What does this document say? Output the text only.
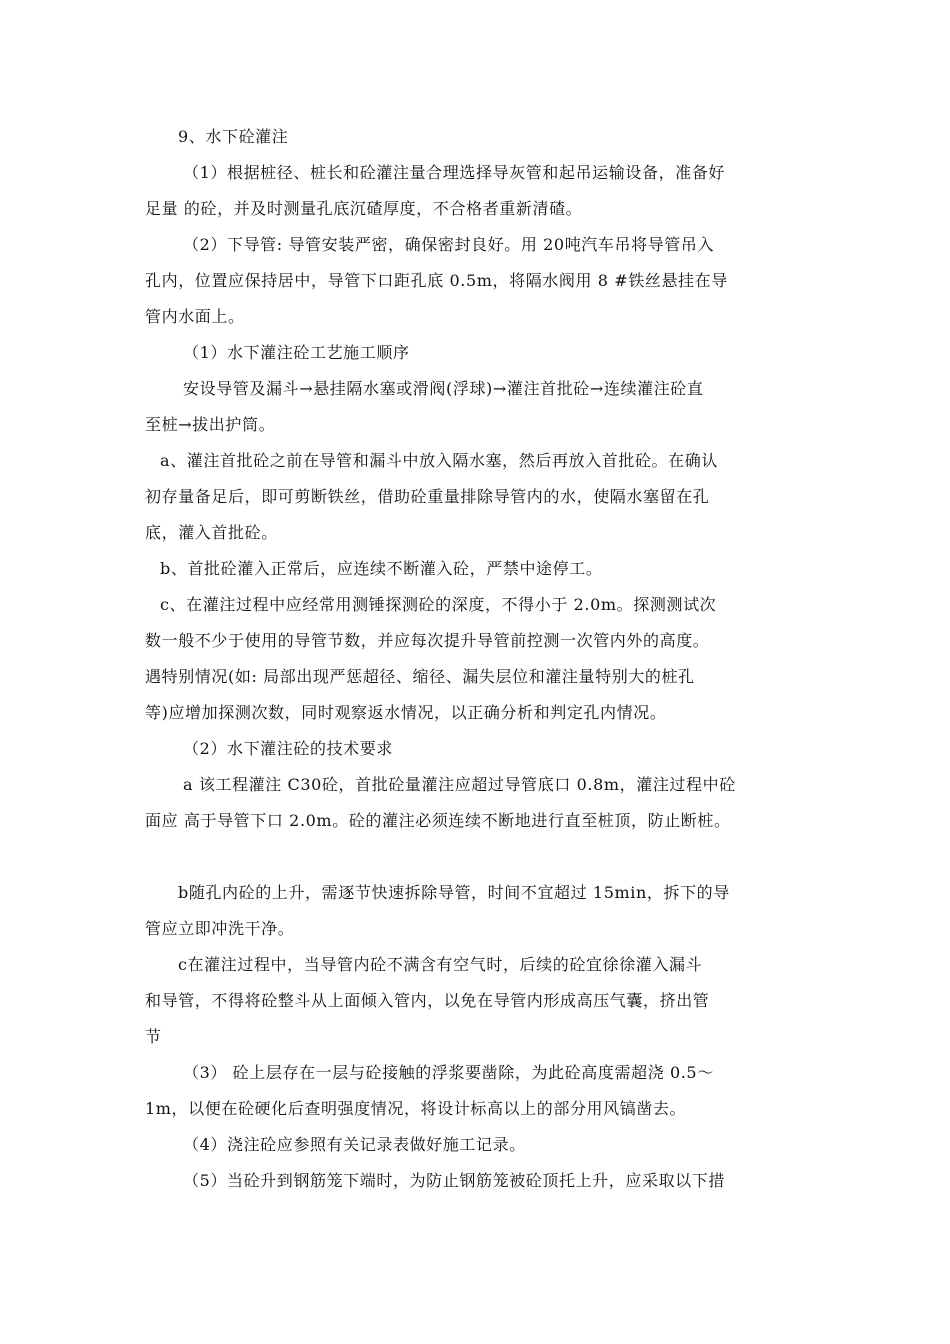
9、水下砼灌注
（1）根据桩径、桩长和砼灌注量合理选择导灰管和起吊运输设备，准备好
足量 的砼，并及时测量孔底沉碴厚度，不合格者重新清碴。
（2）下导管: 导管安装严密，确保密封良好。用 20吨汽车吊将导管吊入
孔内，位置应保持居中，导管下口距孔底 0.5m，将隔水阀用 8 #铁丝悬挂在导
管内水面上。
（1）水下灌注砼工艺施工顺序
安设导管及漏斗→悬挂隔水塞或滑阀(浮球)→灌注首批砼→连续灌注砼直
至桩→拔出护筒。
a、灌注首批砼之前在导管和漏斗中放入隔水塞，然后再放入首批砼。在确认
初存量备足后，即可剪断铁丝，借助砼重量排除导管内的水，使隔水塞留在孔
底，灌入首批砼。
b、首批砼灌入正常后，应连续不断灌入砼，严禁中途停工。
c、在灌注过程中应经常用测锤探测砼的深度，不得小于 2.0m。探测测试次
数一般不少于使用的导管节数，并应每次提升导管前控测一次管内外的高度。
遇特别情况(如: 局部出现严惩超径、缩径、漏失层位和灌注量特别大的桩孔
等)应增加探测次数，同时观察返水情况，以正确分析和判定孔内情况。
（2）水下灌注砼的技术要求
a 该工程灌注 C30砼，首批砼量灌注应超过导管底口 0.8m，灌注过程中砼
面应 高于导管下口 2.0m。砼的灌注必须连续不断地进行直至桩顶，防止断桩。
b随孔内砼的上升，需逐节快速拆除导管，时间不宜超过 15min，拆下的导
管应立即冲洗干净。
c在灌注过程中，当导管内砼不满含有空气时，后续的砼宜徐徐灌入漏斗
和导管，不得将砼整斗从上面倾入管内，以免在导管内形成高压气囊，挤出管
节
（3） 砼上层存在一层与砼接触的浮浆要凿除，为此砼高度需超浇 0.5～
1m，以便在砼硬化后查明强度情况，将设计标高以上的部分用风镐凿去。
（4）浇注砼应参照有关记录表做好施工记录。
（5）当砼升到钢筋笼下端时，为防止钢筋笼被砼顶托上升，应采取以下措
